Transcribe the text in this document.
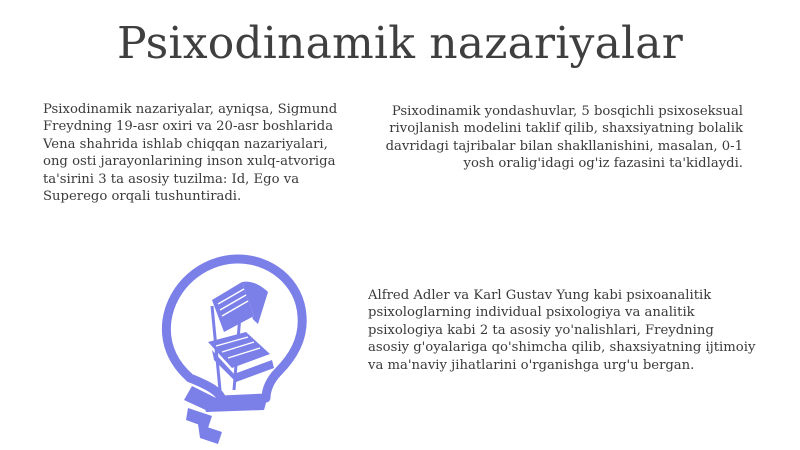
Psixodinamik nazariyalar

Psixodinamik nazariyalar, ayniqsa, Sigmund Freydning 19-asr oxiri va 20-asr boshlarida Vena shahrida ishlab chiqqan nazariyalari, ong osti jarayonlarining inson xulq-atvoriga ta'sirini 3 ta asosiy tuzilma: Id, Ego va Superego orqali tushuntiradi.

Psixodinamik yondashuvlar, 5 bosqichli psixoseksual rivojlanish modelini taklif qilib, shaxsiyatning bolalik davridagi tajribalar bilan shakllanishini, masalan, 0-1 yosh oralig'idagi og'iz fazasini ta'kidlaydi.

Alfred Adler va Karl Gustav Yung kabi psixoanalitik psixologlarning individual psixologiya va analitik psixologiya kabi 2 ta asosiy yo'nalishlari, Freydning asosiy g'oyalariga qo'shimcha qilib, shaxsiyatning ijtimoiy va ma'naviy jihatlarini o'rganishga urg'u bergan.
